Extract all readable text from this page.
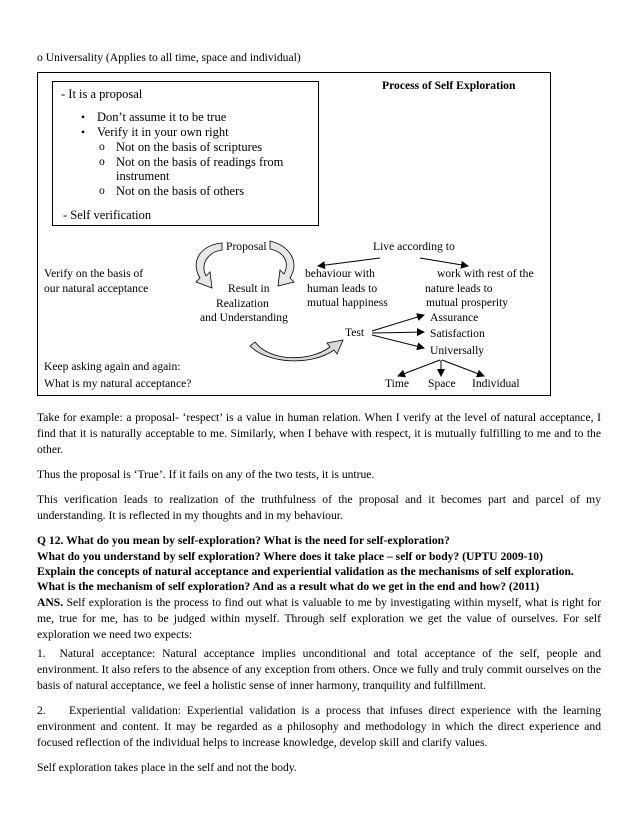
o Universality (Applies to all time, space and individual)
Process of Self Exploration
- It is a proposal
• Don’t assume it to be true
• Verify it in your own right
o Not on the basis of scriptures
o Not on the basis of readings from
instrument
o Not on the basis of others
- Self verification
Proposal	Live according to
Verify on the basis of
our natural acceptance	Result in
Realization
and Understanding
behaviour with
human leads to
mutual happiness
work with rest of the
nature leads to
mutual prosperity
Test
Assurance
Satisfaction
Universally
Keep asking again and again:
What is my natural acceptance?	Time Space Individual
Take for example: a proposal- ‘respect’ is a value in human relation. When I verify at the level of natural acceptance, I find that it is naturally acceptable to me. Similarly, when I behave with respect, it is mutually fulfilling to me and to the other.
Thus the proposal is ‘True’. If it fails on any of the two tests, it is untrue.
This verification leads to realization of the truthfulness of the proposal and it becomes part and parcel of my understanding. It is reflected in my thoughts and in my behaviour.
Q 12. What do you mean by self-exploration? What is the need for self-exploration?
What do you understand by self exploration? Where does it take place – self or body? (UPTU 2009-10)
Explain the concepts of natural acceptance and experiential validation as the mechanisms of self exploration.
What is the mechanism of self exploration? And as a result what do we get in the end and how? (2011)
ANS. Self exploration is the process to find out what is valuable to me by investigating within myself, what is right for me, true for me, has to be judged within myself. Through self exploration we get the value of ourselves. For self exploration we need two expects:
1. Natural acceptance: Natural acceptance implies unconditional and total acceptance of the self, people and environment. It also refers to the absence of any exception from others. Once we fully and truly commit ourselves on the basis of natural acceptance, we feel a holistic sense of inner harmony, tranquility and fulfillment.
2. Experiential validation: Experiential validation is a process that infuses direct experience with the learning environment and content. It may be regarded as a philosophy and methodology in which the direct experience and focused reflection of the individual helps to increase knowledge, develop skill and clarify values.
Self exploration takes place in the self and not the body.
